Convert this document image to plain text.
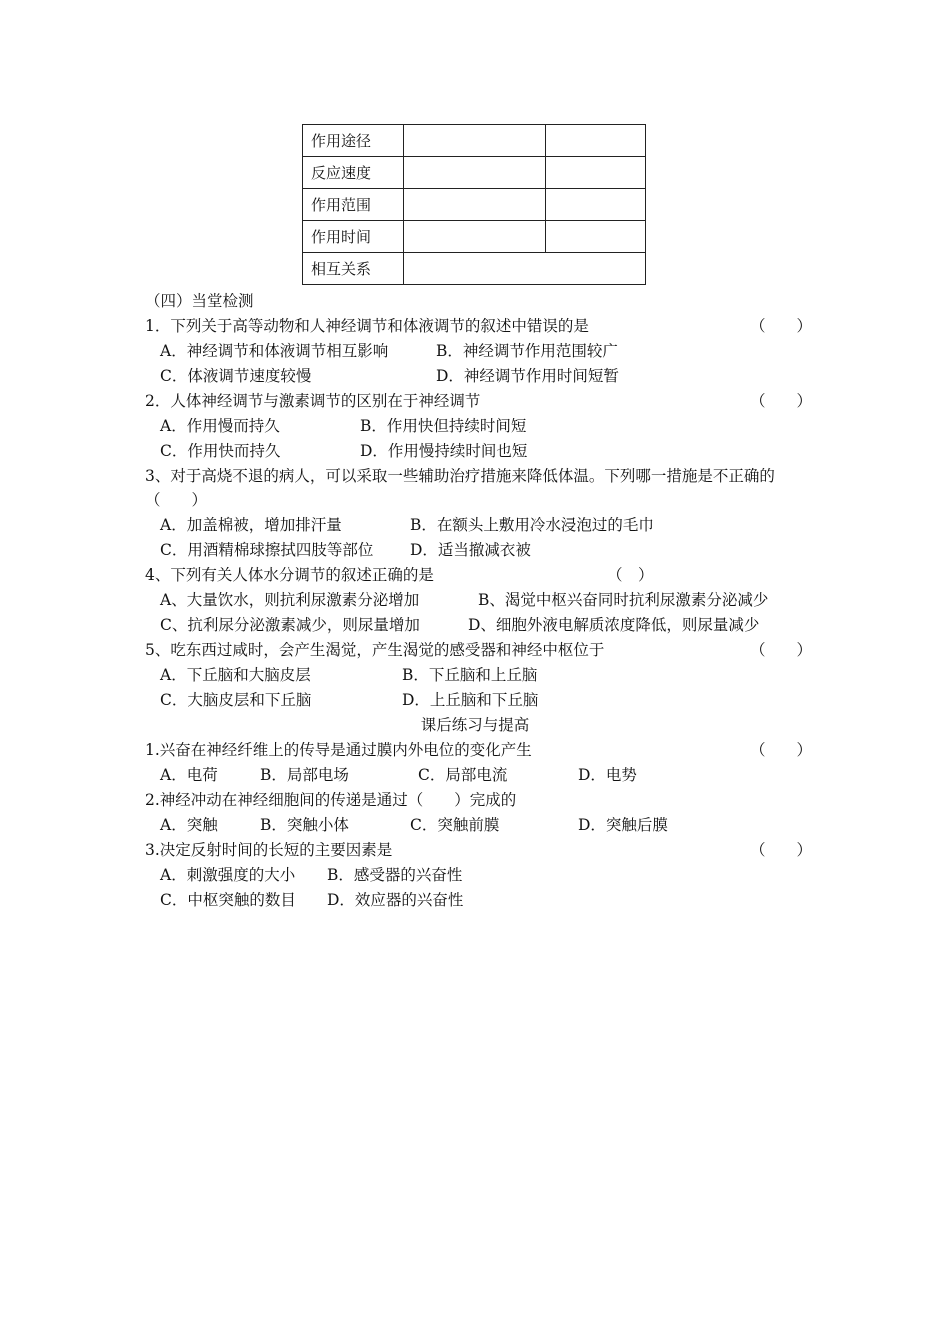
作用途径		
反应速度		
作用范围		
作用时间		
相互关系		
（四）当堂检测
1．下列关于高等动物和人神经调节和体液调节的叙述中错误的是	（　　）
A．神经调节和体液调节相互影响	B．神经调节作用范围较广
C．体液调节速度较慢	D．神经调节作用时间短暂
2．人体神经调节与激素调节的区别在于神经调节	（　　）
A．作用慢而持久	B．作用快但持续时间短
C．作用快而持久	D．作用慢持续时间也短
3、对于高烧不退的病人，可以采取一些辅助治疗措施来降低体温。下列哪一措施是不正确的
（　　）
A．加盖棉被，增加排汗量	B．在额头上敷用冷水浸泡过的毛巾
C．用酒精棉球擦拭四肢等部位 D．适当撤减衣被
4、下列有关人体水分调节的叙述正确的是	（　）
A、大量饮水，则抗利尿激素分泌增加	B、渴觉中枢兴奋同时抗利尿激素分泌减少
C、抗利尿分泌激素减少，则尿量增加	D、细胞外液电解质浓度降低，则尿量减少
5、吃东西过咸时，会产生渴觉，产生渴觉的感受器和神经中枢位于	（　　）
A．下丘脑和大脑皮层	B．下丘脑和上丘脑
C．大脑皮层和下丘脑	D．上丘脑和下丘脑
课后练习与提高
1.兴奋在神经纤维上的传导是通过膜内外电位的变化产生	（　　）
A．电荷	B．局部电场	C．局部电流	D．电势
2.神经冲动在神经细胞间的传递是通过（　　）完成的
A．突触	B．突触小体	C．突触前膜	D．突触后膜
3.决定反射时间的长短的主要因素是	（　　）
A．刺激强度的大小 B．感受器的兴奋性
C．中枢突触的数目 D．效应器的兴奋性
